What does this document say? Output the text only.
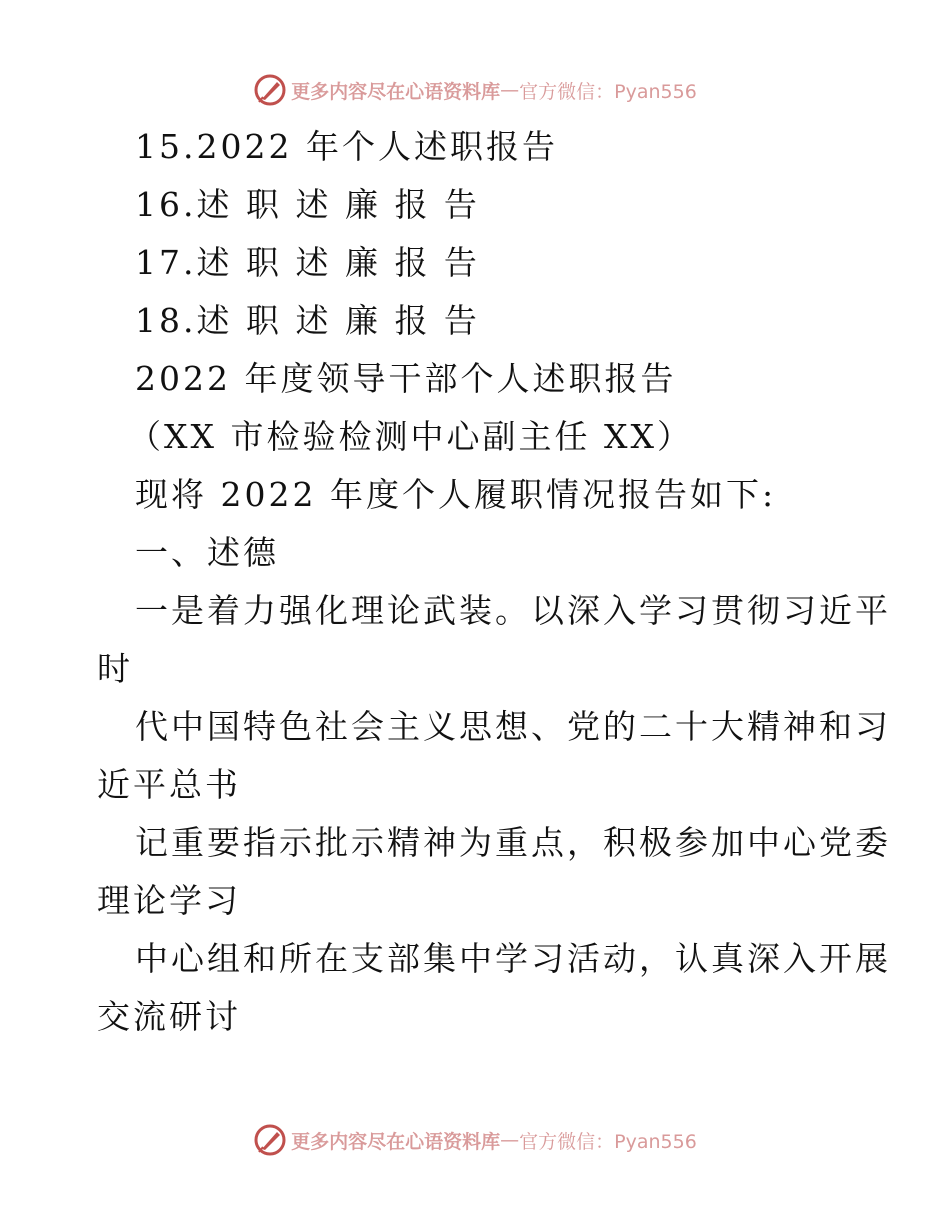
更多内容尽在心语资料库 — 官方微信：Pyan556
15.2022 年个人述职报告
16.述 职 述 廉 报 告
17.述 职 述 廉 报 告
18.述 职 述 廉 报 告
2022 年度领导干部个人述职报告
（XX 市检验检测中心副主任 XX）
现将 2022 年度个人履职情况报告如下:
一、述德
一是着力强化理论武装。以深入学习贯彻习近平
时
代中国特色社会主义思想、党的二十大精神和习
近平总书
记重要指示批示精神为重点，积极参加中心党委
理论学习
中心组和所在支部集中学习活动，认真深入开展
交流研讨
更多内容尽在心语资料库 — 官方微信：Pyan556
